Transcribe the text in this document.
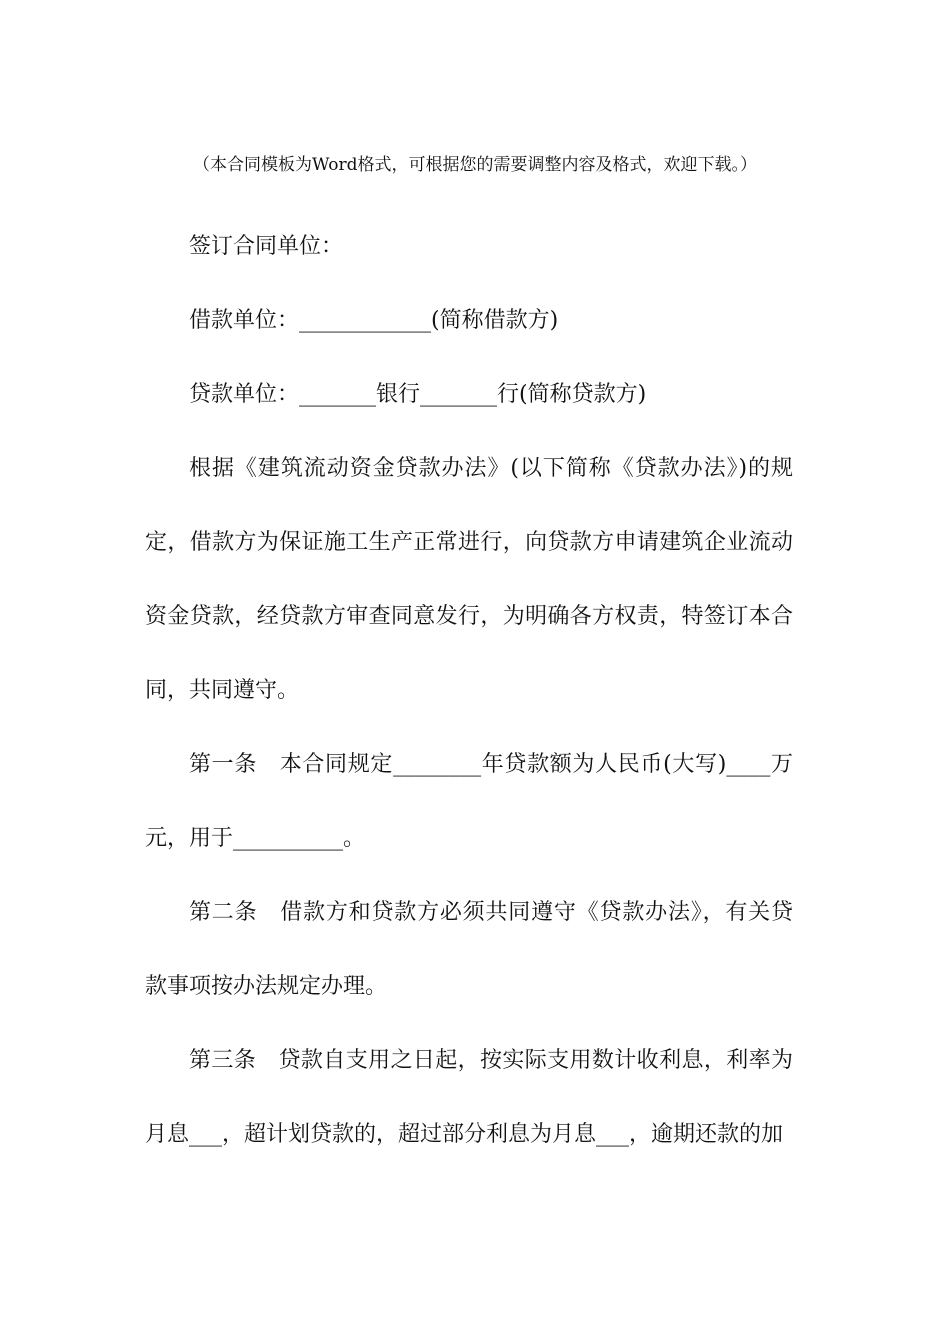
（本合同模板为Word格式，可根据您的需要调整内容及格式，欢迎下载。）

签订合同单位：

借款单位：____________(简称借款方)

贷款单位：_______银行_______行(简称贷款方)

根据《建筑流动资金贷款办法》(以下简称《贷款办法》)的规定，借款方为保证施工生产正常进行，向贷款方申请建筑企业流动资金贷款，经贷款方审查同意发行，为明确各方权责，特签订本合同，共同遵守。

第一条　本合同规定________年贷款额为人民币(大写)____万元，用于__________。

第二条　借款方和贷款方必须共同遵守《贷款办法》，有关贷款事项按办法规定办理。

第三条　贷款自支用之日起，按实际支用数计收利息，利率为月息___，超计划贷款的，超过部分利息为月息___，逾期还款的加
